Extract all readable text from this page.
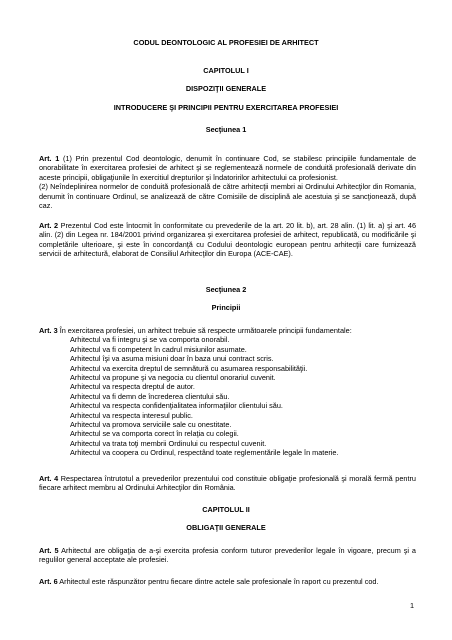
CODUL DEONTOLOGIC AL PROFESIEI DE ARHITECT
CAPITOLUL I
DISPOZIŢII GENERALE
INTRODUCERE ŞI PRINCIPII PENTRU EXERCITAREA PROFESIEI
Secţiunea 1

Art. 1 (1) Prin prezentul Cod deontologic, denumit în continuare Cod, se stabilesc principiile fundamentale de onorabilitate în exercitarea profesiei de arhitect şi se reglementează normele de conduită profesională derivate din aceste principii, obligaţiunile în exercitiul drepturilor şi îndatoririlor arhitectului ca profesionist.

(2) Neîndeplinirea normelor de conduită profesională de către arhitecţii membri ai Ordinului Arhitecţilor din Romania, denumit în continuare Ordinul, se analizează de către Comisiile de disciplină ale acestuia şi se sancţionează, după caz.

Art. 2 Prezentul Cod este întocmit în conformitate cu prevederile de la art. 20 lit. b), art. 28 alin. (1) lit. a) şi art. 46 alin. (2) din Legea nr. 184/2001 privind organizarea şi exercitarea profesiei de arhitect, republicată, cu modificările şi completările ulterioare, şi este în concordanţă cu Codului deontologic european pentru arhitecţii care furnizează servicii de arhitectură, elaborat de Consiliul Arhitecţilor din Europa (ACE-CAE).

Secţiunea 2
Principii

Art. 3 În exercitarea profesiei, un arhitect trebuie să respecte următoarele principii fundamentale:

Arhitectul va fi integru şi se va comporta onorabil.

Arhitectul va fi competent în cadrul misiunilor asumate.

Arhitectul îşi va asuma misiuni doar în baza unui contract scris.

Arhitectul va exercita dreptul de semnătură cu asumarea responsabilităţii.

Arhitectul va propune şi va negocia cu clientul onorariul cuvenit.

Arhitectul va respecta dreptul de autor.

Arhitectul va fi demn de încrederea clientului său.

Arhitectul va respecta confidenţialitatea informaţiilor clientului său.

Arhitectul va respecta interesul public.

Arhitectul va promova serviciile sale cu onestitate.

Arhitectul se va comporta corect în relaţia cu colegii.

Arhitectul va trata toţi membrii Ordinului cu respectul cuvenit.

Arhitectul va coopera cu Ordinul, respectând toate reglementările legale în materie.

Art. 4 Respectarea întrutotul a prevederilor prezentului cod constituie obligaţie profesională şi morală fermă pentru fiecare arhitect membru al Ordinului Arhitecţilor din România.

CAPITOLUL II
OBLIGAŢII GENERALE

Art. 5 Arhitectul are obligaţia de a-şi exercita profesia conform tuturor prevederilor legale în vigoare, precum şi a regulilor general acceptate ale profesiei.

Art. 6 Arhitectul este răspunzător pentru fiecare dintre actele sale profesionale în raport cu prezentul cod.

1
